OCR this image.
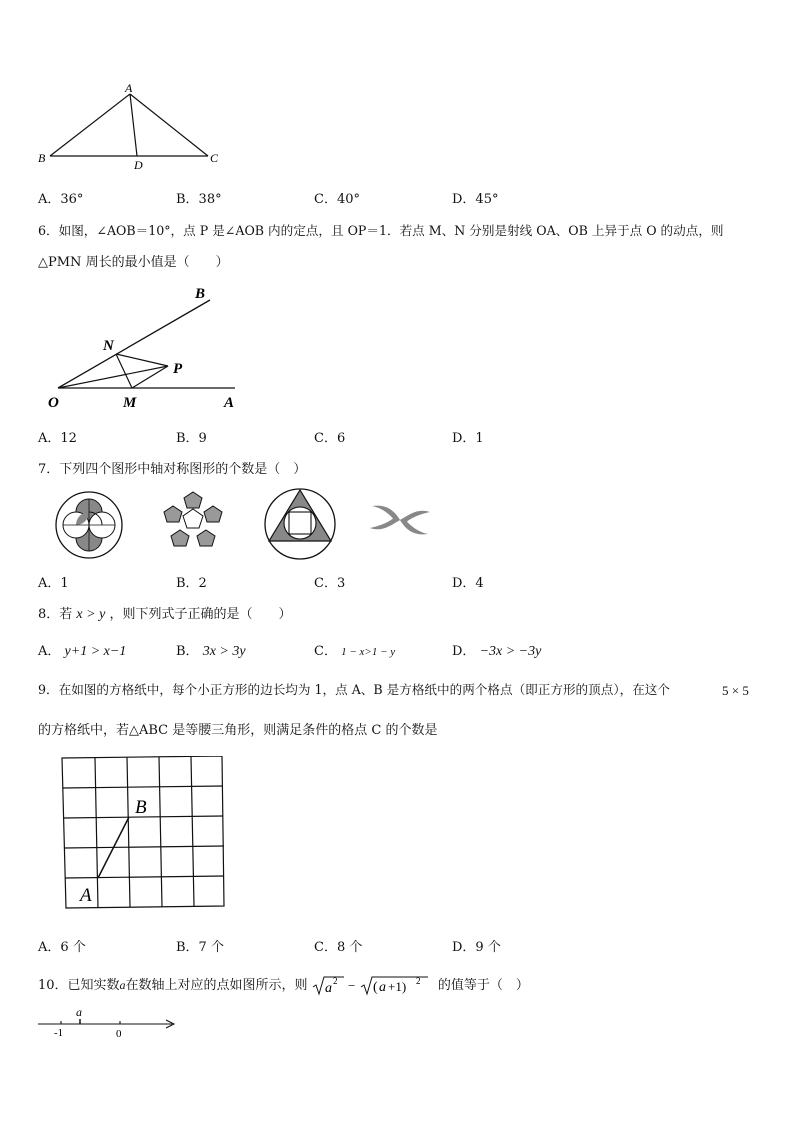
A
B	C
D
A．36°	B．38°	C．40°	D．45°
6．如图，∠AOB＝10°，点 P 是∠AOB 内的定点，且 OP＝1．若点 M、N 分别是射线 OA、OB 上异于点 O 的动点，则
△PMN 周长的最小值是（　　）
O	M	A
N
B
P
A．12	B．9	C．6	D．1
7．下列四个图形中轴对称图形的个数是（　）
A．1	B．2	C．3	D．4
8．若 x > y ，则下列式子正确的是（　　）
A． y+1 > x−1	B． 3x > 3y	C． 1 − x>1 − y	D． −3x > −3y
9．在如图的方格纸中，每个小正方形的边长均为 1，点 A、B 是方格纸中的两个格点（即正方形的顶点），在这个	5 × 5
的方格纸中，若△ABC 是等腰三角形，则满足条件的格点 C 的个数是
A
B
A．6 个	B．7 个	C．8 个	D．9 个
10．已知实数a在数轴上对应的点如图所示，则 a 2 − ( a +1) 2 的值等于（　）
a
-1	0
